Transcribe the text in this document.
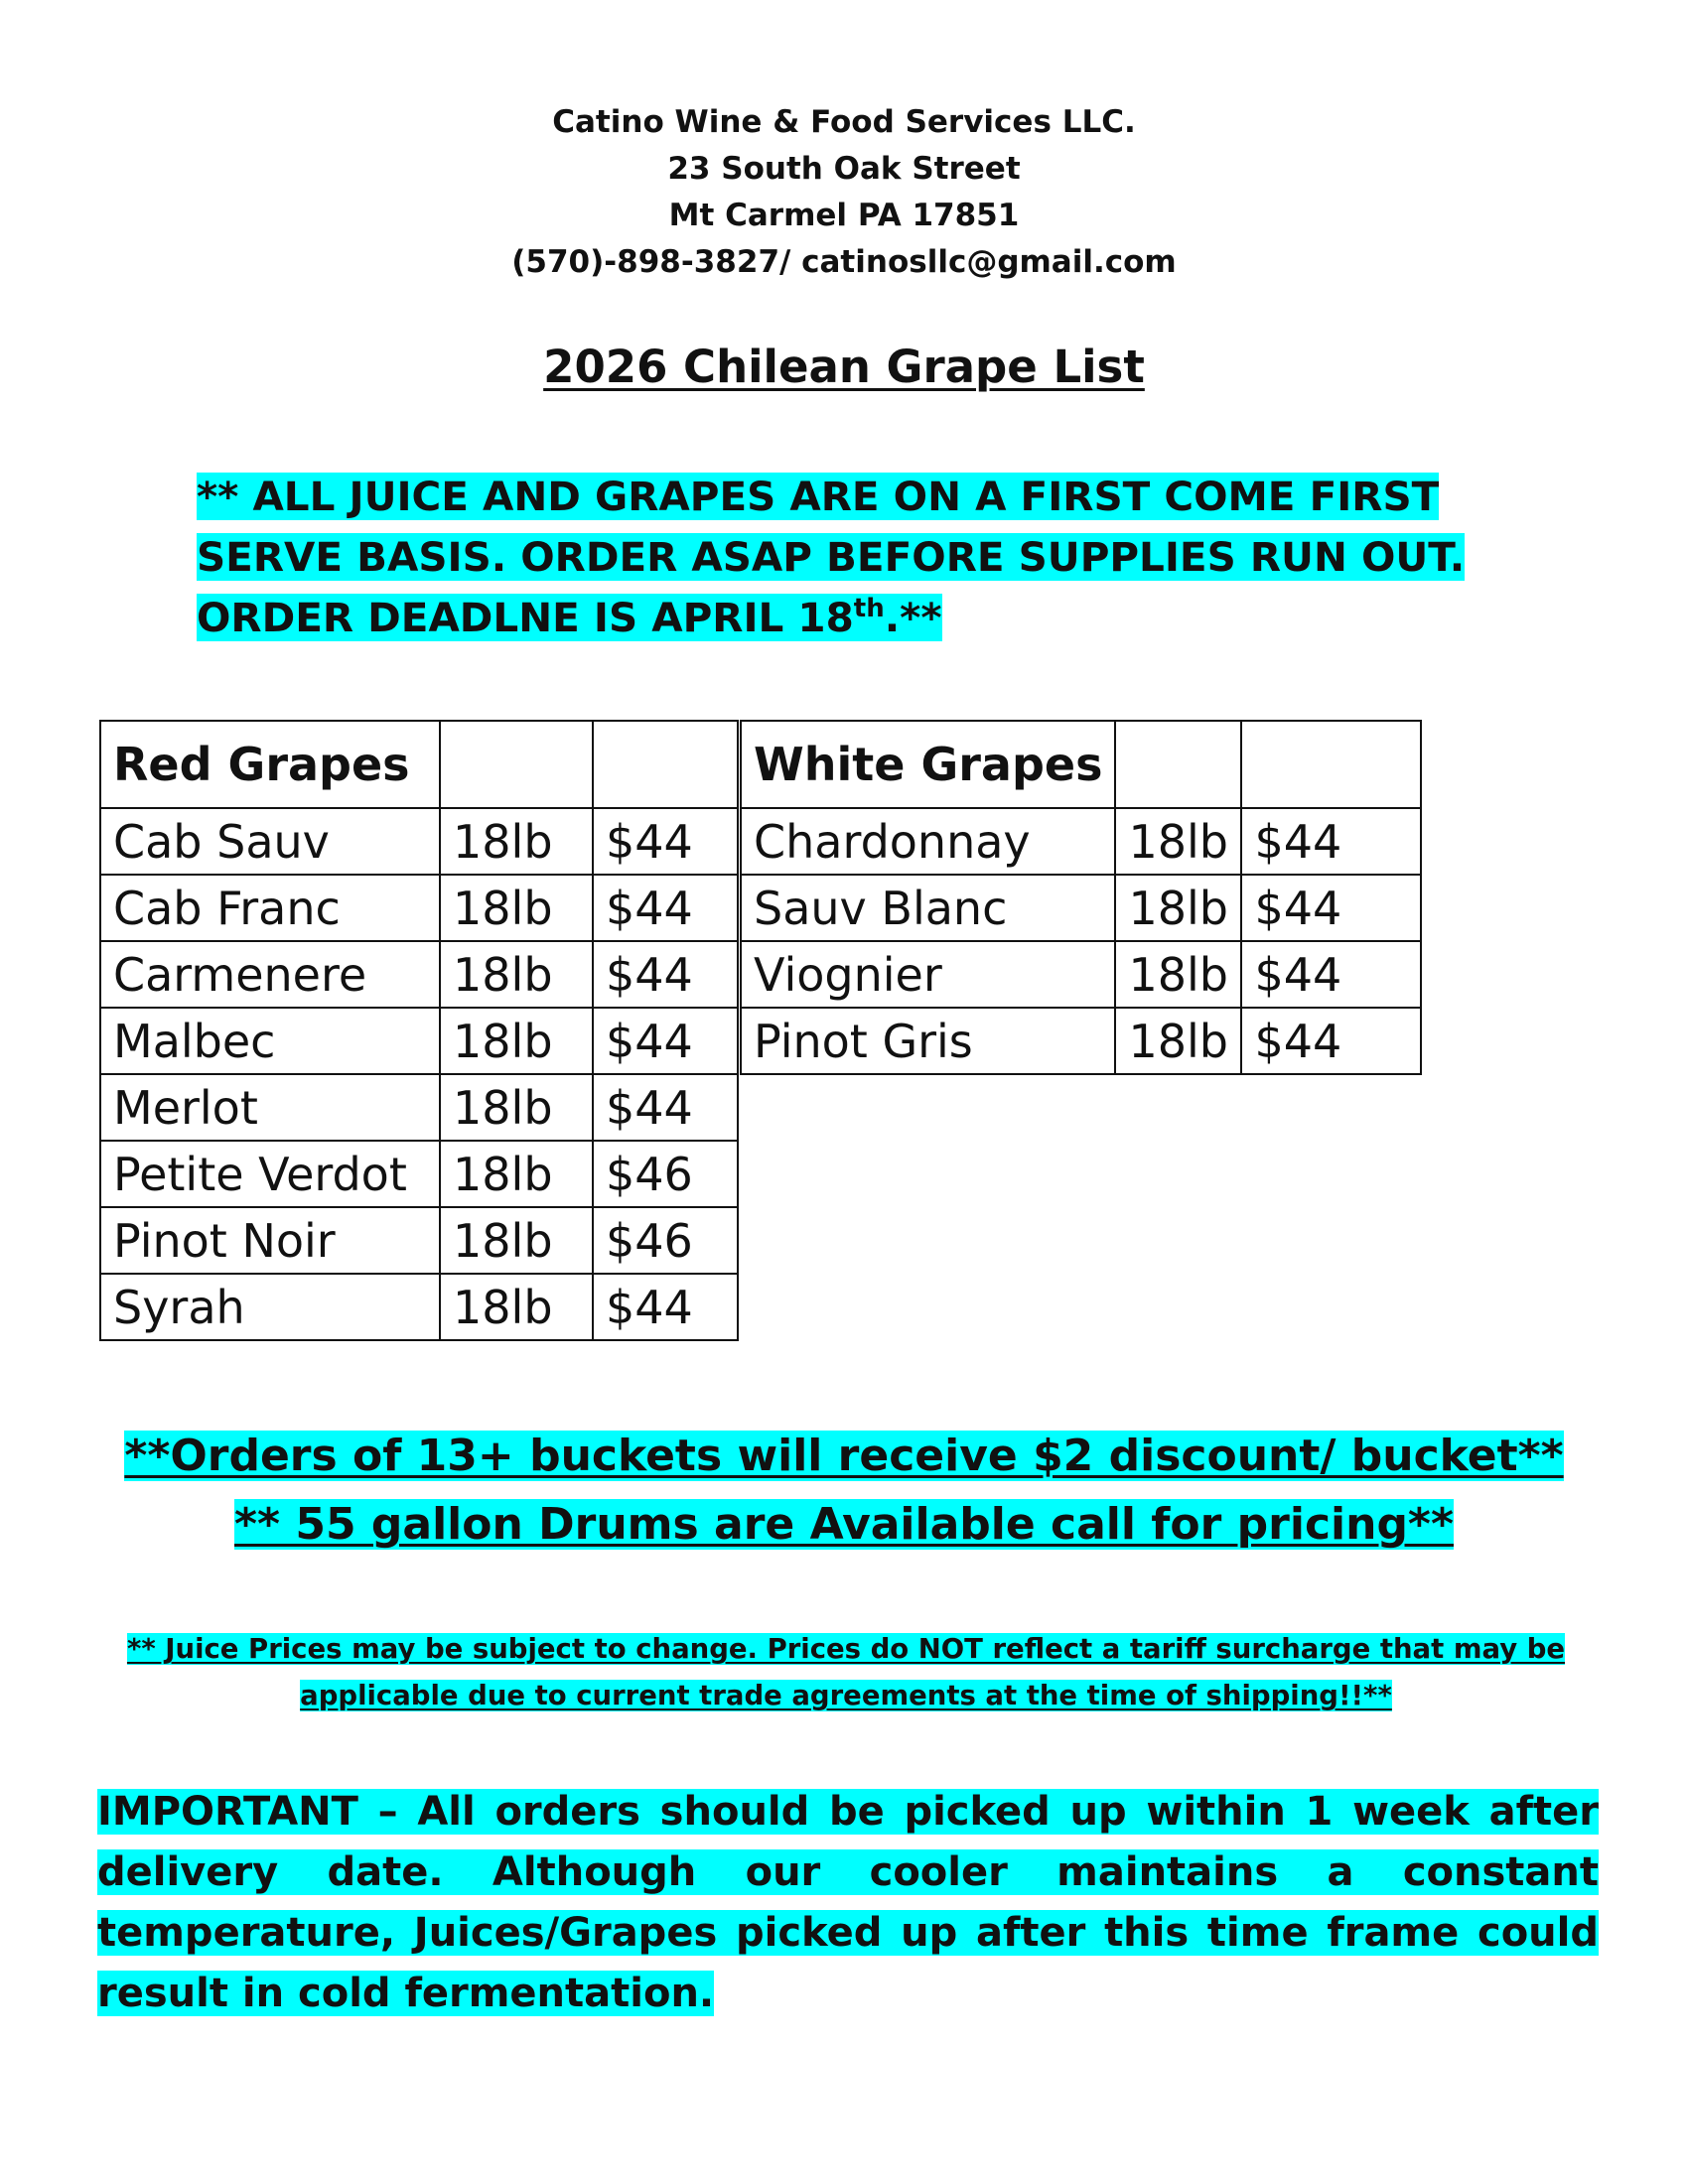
Catino Wine & Food Services LLC.
23 South Oak Street
Mt Carmel PA 17851
(570)-898-3827/ catinosllc@gmail.com
2026 Chilean Grape List
** ALL JUICE AND GRAPES ARE ON A FIRST COME FIRST SERVE BASIS. ORDER ASAP BEFORE SUPPLIES RUN OUT. ORDER DEADLNE IS APRIL 18th.**
Red Grapes		
Cab Sauv	18lb	$44
Cab Franc	18lb	$44
Carmenere	18lb	$44
Malbec	18lb	$44
Merlot	18lb	$44
Petite Verdot	18lb	$46
Pinot Noir	18lb	$46
Syrah	18lb	$44
White Grapes		
Chardonnay	18lb	$44
Sauv Blanc	18lb	$44
Viognier	18lb	$44
Pinot Gris	18lb	$44
**Orders of 13+ buckets will receive $2 discount/ bucket**
** 55 gallon Drums are Available call for pricing**
** Juice Prices may be subject to change. Prices do NOT reflect a tariff surcharge that may be applicable due to current trade agreements at the time of shipping!!**
IMPORTANT – All orders should be picked up within 1 week after delivery date. Although our cooler maintains a constant temperature, Juices/Grapes picked up after this time frame could result in cold fermentation.
